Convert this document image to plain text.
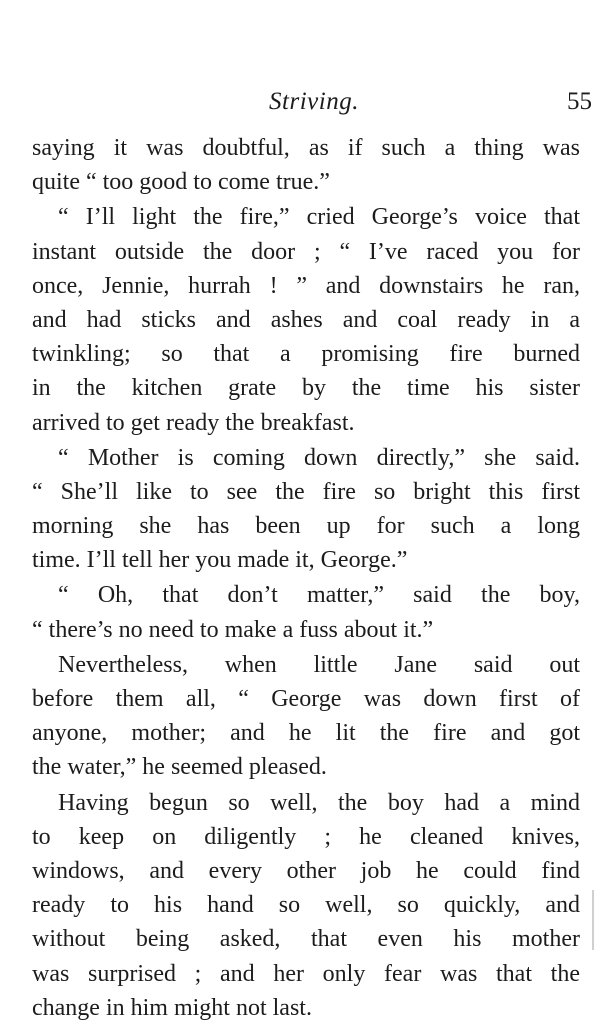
Striving.	55

saying it was doubtful, as if such a thing was
quite “ too good to come true.”

“ I’ll light the fire,” cried George’s voice that
instant outside the door ; “ I’ve raced you for
once, Jennie, hurrah ! ” and downstairs he ran,
and had sticks and ashes and coal ready in a
twinkling; so that a promising fire burned
in the kitchen grate by the time his sister
arrived to get ready the breakfast.

“ Mother is coming down directly,” she said.
“ She’ll like to see the fire so bright this first
morning she has been up for such a long
time. I’ll tell her you made it, George.”

“ Oh, that don’t matter,” said the boy,
“ there’s no need to make a fuss about it.”

Nevertheless, when little Jane said out
before them all, “ George was down first of
anyone, mother; and he lit the fire and got
the water,” he seemed pleased.

Having begun so well, the boy had a mind
to keep on diligently ; he cleaned knives,
windows, and every other job he could find
ready to his hand so well, so quickly, and
without being asked, that even his mother
was surprised ; and her only fear was that the
change in him might not last.
